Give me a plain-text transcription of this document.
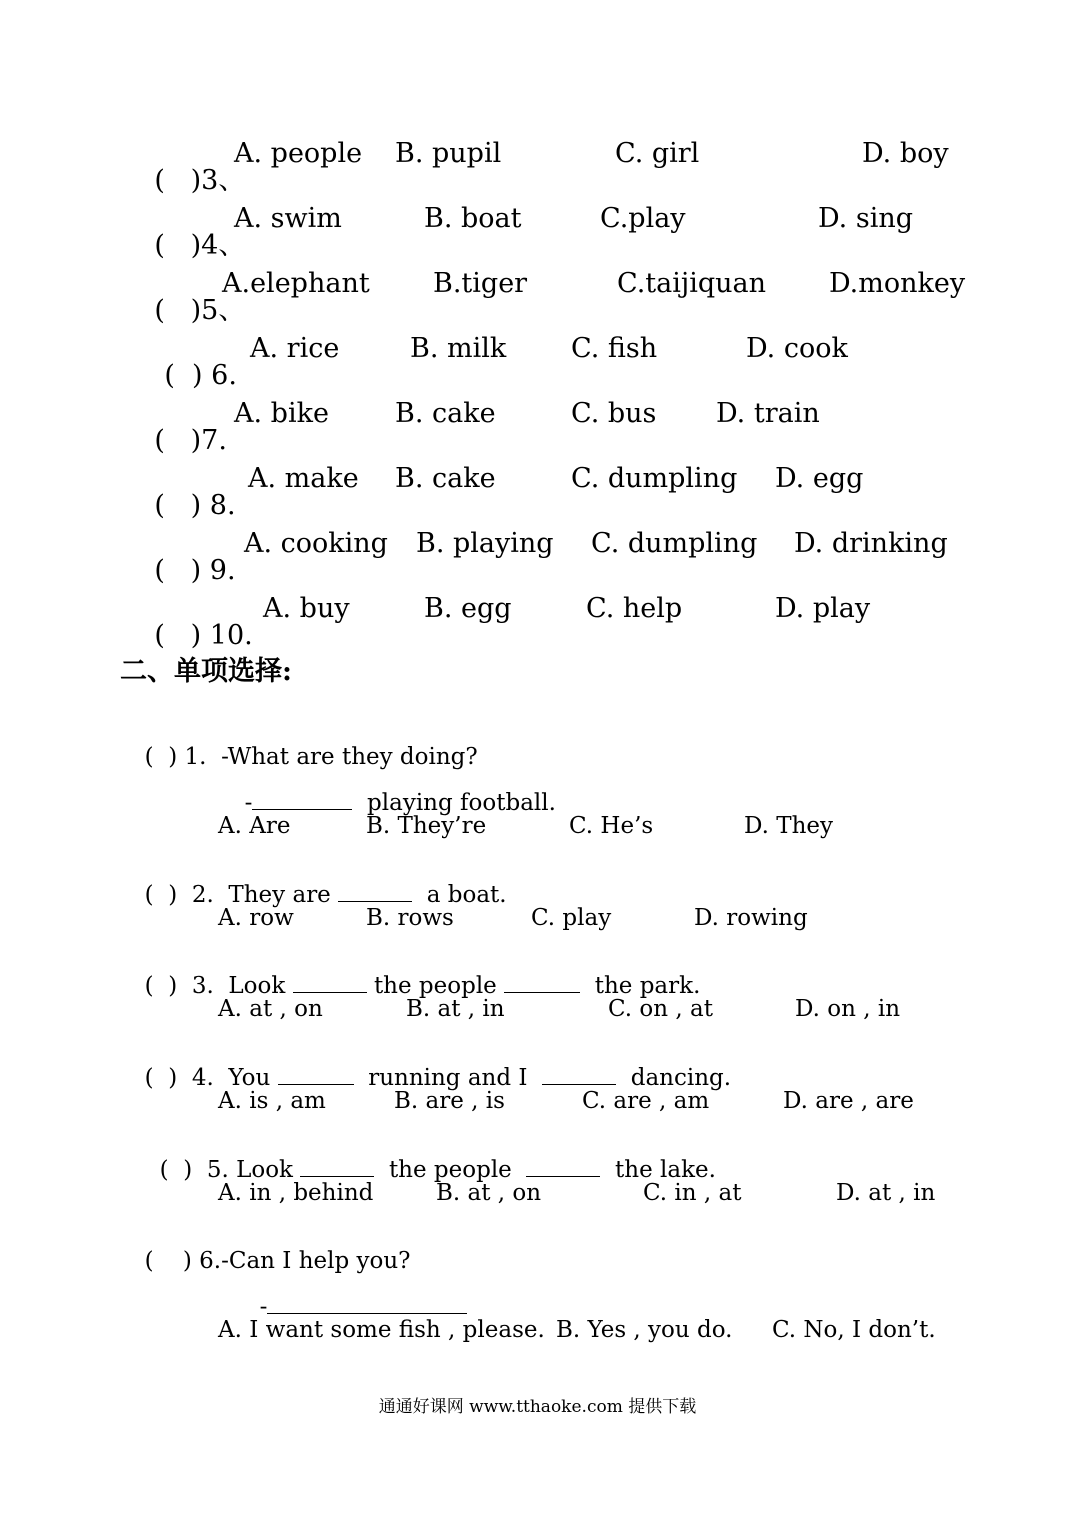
(   )3、

A. people B. pupil	C. girl	D. boy

(   )4、

A. swim	B. boat	C.play	D. sing

(   )5、

A.elephant B.tiger	C.taijiquan D.monkey

(  ) 6.

A. rice	B. milk C. fish	D. cook

(   )7.

A. bike B. cake	C. bus D. train

(   ) 8.

A. make B. cake	C. dumpling D. egg

(   ) 9.

A. cooking B. playing C. dumpling D. drinking

(   ) 10.

A. buy	B. egg	C. help	D. play
二、单项选择:

(  ) 1. -What are they doing?

-	playing football.

A. Are	B. They’re	C. He’s	D. They

(  ) 2. They are	a boat.

A. row	B. rows	C. play	D. rowing

(  ) 3. Look	the people	the park.

A. at , on	B. at , in	C. on , at	D. on , in

(  ) 4. You	running and I	dancing.

A. is , am	B. are , is	C. are , am	D. are , are

(  ) 5. Look	the people	the lake.

A. in , behind	B. at , on	C. in , at	D. at , in

(    ) 6.-Can I help you?

-

A. I want some fish , please. B. Yes , you do. C. No, I don’t.
通通好课网 www.tthaoke.com 提供下载
